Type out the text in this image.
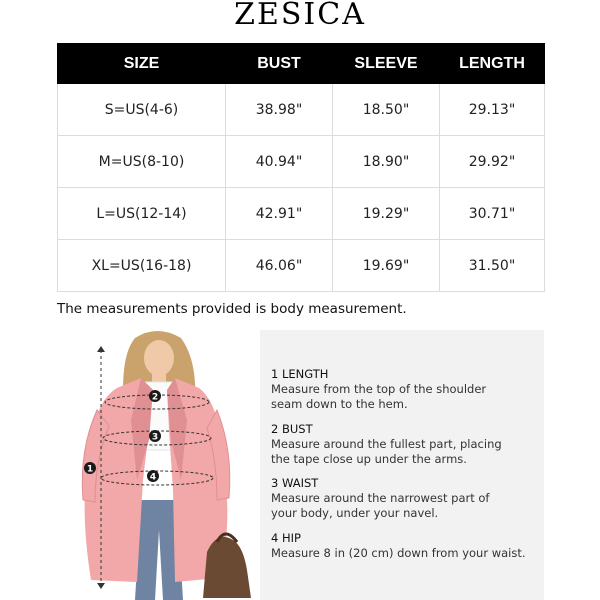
ZESICA
SIZE	BUST	SLEEVE	LENGTH
S=US(4-6)	38.98"	18.50"	29.13"
M=US(8-10)	40.94"	18.90"	29.92"
L=US(12-14)	42.91"	19.29"	30.71"
XL=US(16-18)	46.06"	19.69"	31.50"
The measurements provided is body measurement.
1
2
3
4
1 LENGTH
Measure from the top of the shoulder
seam down to the hem.
2 BUST
Measure around the fullest part, placing
the tape close up under the arms.
3 WAIST
Measure around the narrowest part of
your body, under your navel.
4 HIP
Measure 8 in (20 cm) down from your waist.
